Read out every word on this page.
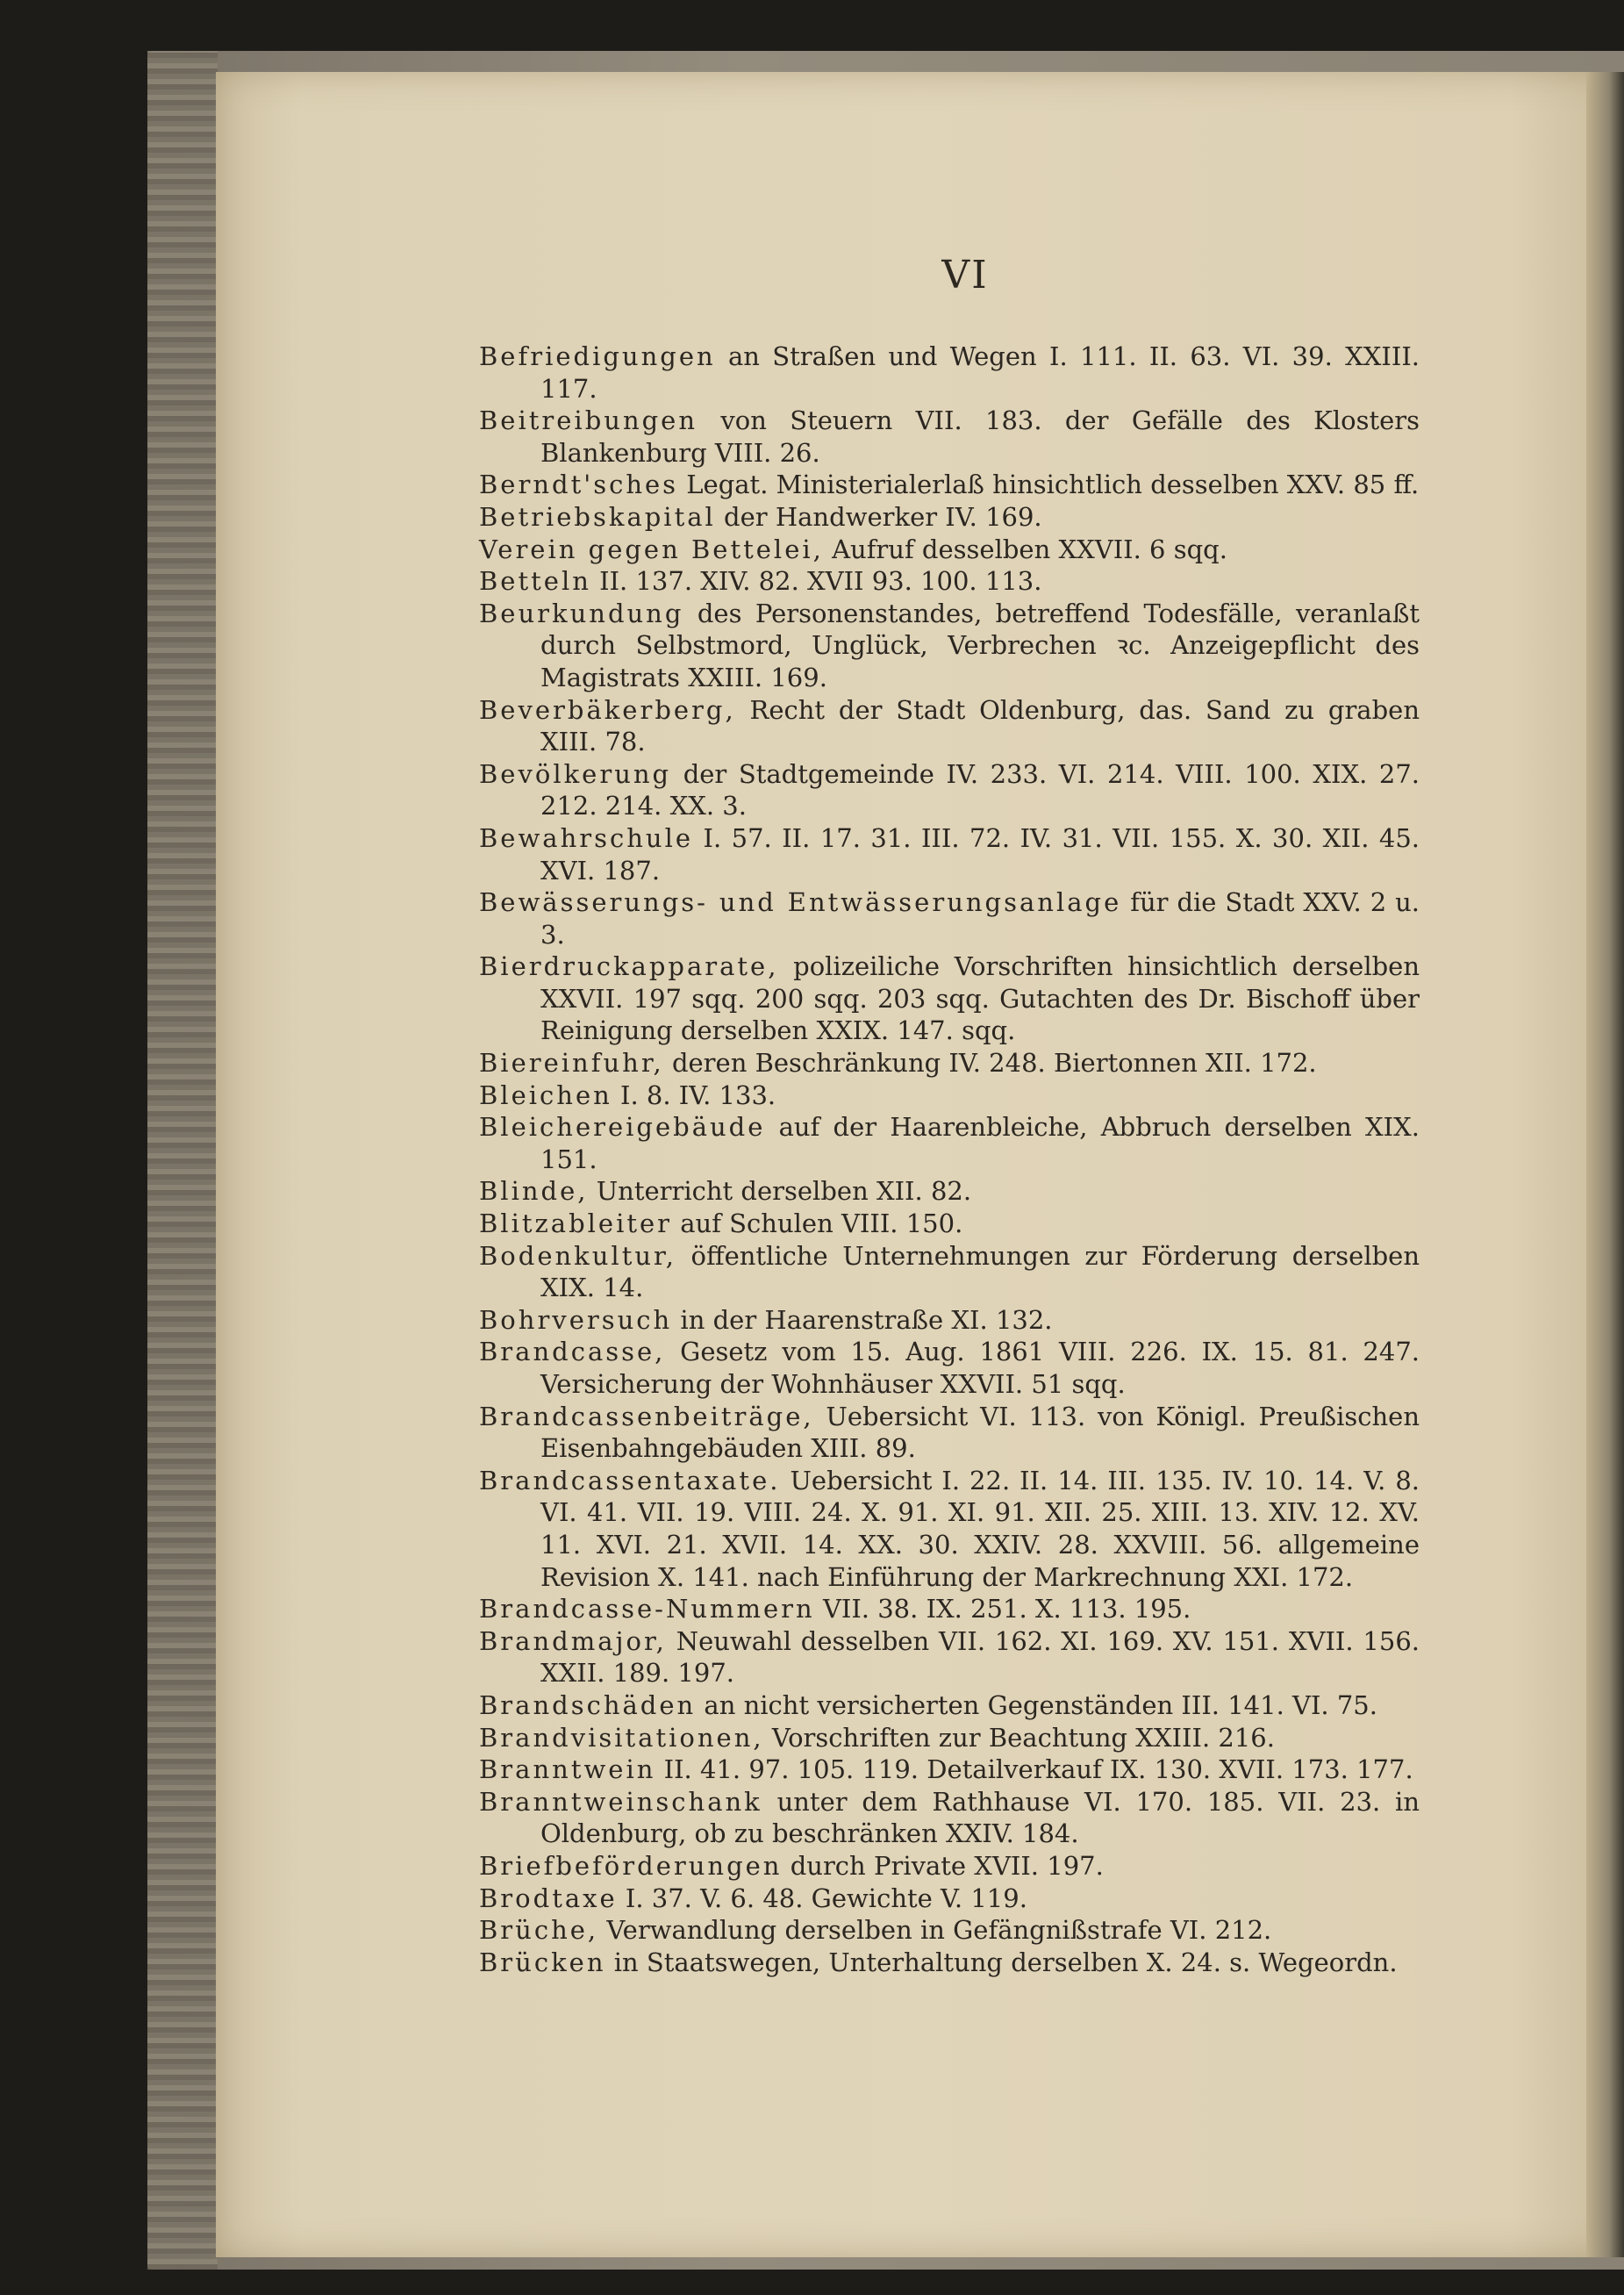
VI
Befriedigungen an Straßen und Wegen I. 111. II. 63. VI. 39. XXIII. 117.
Beitreibungen von Steuern VII. 183. der Gefälle des Klosters Blankenburg VIII. 26.
Berndt'sches Legat. Ministerialerlaß hinsichtlich desselben XXV. 85 ff.
Betriebskapital der Handwerker IV. 169.
Verein gegen Bettelei, Aufruf desselben XXVII. 6 sqq.
Betteln II. 137. XIV. 82. XVII 93. 100. 113.
Beurkundung des Personenstandes, betreffend Todesfälle, veranlaßt durch Selbstmord, Unglück, Verbrechen ꝛc. Anzeigepflicht des Magistrats XXIII. 169.
Beverbäkerberg, Recht der Stadt Oldenburg, das. Sand zu graben XIII. 78.
Bevölkerung der Stadtgemeinde IV. 233. VI. 214. VIII. 100. XIX. 27. 212. 214. XX. 3.
Bewahrschule I. 57. II. 17. 31. III. 72. IV. 31. VII. 155. X. 30. XII. 45. XVI. 187.
Bewässerungs- und Entwässerungsanlage für die Stadt XXV. 2 u. 3.
Bierdruckapparate, polizeiliche Vorschriften hinsichtlich derselben XXVII. 197 sqq. 200 sqq. 203 sqq. Gutachten des Dr. Bischoff über Reinigung derselben XXIX. 147. sqq.
Biereinfuhr, deren Beschränkung IV. 248. Biertonnen XII. 172.
Bleichen I. 8. IV. 133.
Bleichereigebäude auf der Haarenbleiche, Abbruch derselben XIX. 151.
Blinde, Unterricht derselben XII. 82.
Blitzableiter auf Schulen VIII. 150.
Bodenkultur, öffentliche Unternehmungen zur Förderung derselben XIX. 14.
Bohrversuch in der Haarenstraße XI. 132.
Brandcasse, Gesetz vom 15. Aug. 1861 VIII. 226. IX. 15. 81. 247. Versicherung der Wohnhäuser XXVII. 51 sqq.
Brandcassenbeiträge, Uebersicht VI. 113. von Königl. Preußischen Eisenbahngebäuden XIII. 89.
Brandcassentaxate. Uebersicht I. 22. II. 14. III. 135. IV. 10. 14. V. 8. VI. 41. VII. 19. VIII. 24. X. 91. XI. 91. XII. 25. XIII. 13. XIV. 12. XV. 11. XVI. 21. XVII. 14. XX. 30. XXIV. 28. XXVIII. 56. allgemeine Revision X. 141. nach Einführung der Markrechnung XXI. 172.
Brandcasse-Nummern VII. 38. IX. 251. X. 113. 195.
Brandmajor, Neuwahl desselben VII. 162. XI. 169. XV. 151. XVII. 156. XXII. 189. 197.
Brandschäden an nicht versicherten Gegenständen III. 141. VI. 75.
Brandvisitationen, Vorschriften zur Beachtung XXIII. 216.
Branntwein II. 41. 97. 105. 119. Detailverkauf IX. 130. XVII. 173. 177.
Branntweinschank unter dem Rathhause VI. 170. 185. VII. 23. in Oldenburg, ob zu beschränken XXIV. 184.
Briefbeförderungen durch Private XVII. 197.
Brodtaxe I. 37. V. 6. 48. Gewichte V. 119.
Brüche, Verwandlung derselben in Gefängnißstrafe VI. 212.
Brücken in Staatswegen, Unterhaltung derselben X. 24. s. Wegeordn.
